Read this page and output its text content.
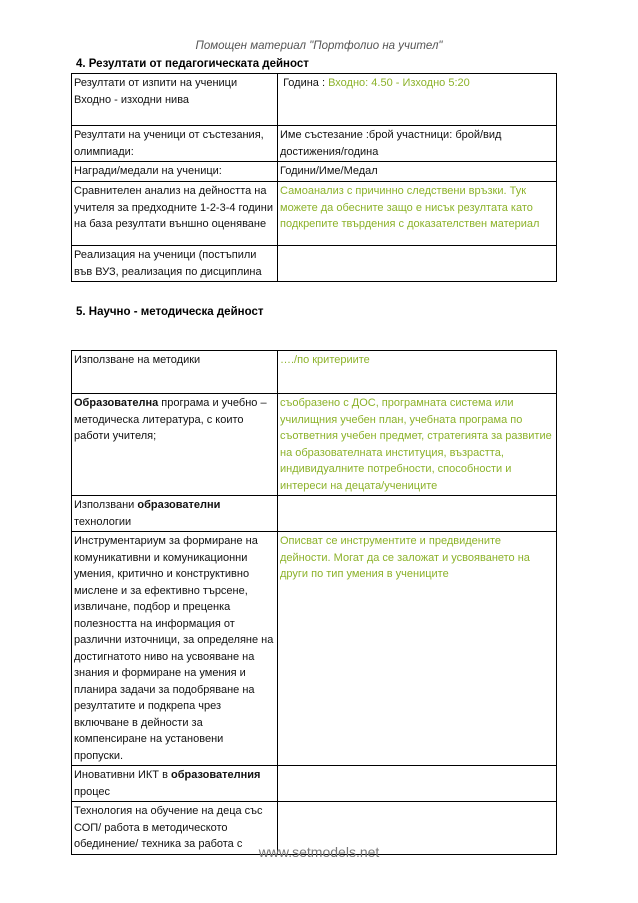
Помощен материал "Портфолио на учител"
4. Резултати от педагогическата дейност
Резултати от изпити на ученици Входно - изходни нива	Година : Входно: 4.50 - Изходно 5:20
Резултати на ученици от състезания, олимпиади:	Име състезание :брой участници: брой/вид достижения/година
Награди/медали на ученици:	Години/Име/Медал
Сравнителен анализ на дейността на учителя за предходните 1-2-3-4 години на база резултати външно оценяване	Самоанализ с причинно следствени връзки. Тук можете да обесните защо е нисък резултата като подкрепите твърдения с доказателствен материал
Реализация на ученици (постъпили във ВУЗ, реализация по дисциплина	
5. Научно - методическа дейност
Използване на методики	…./по критериите
Образователна програма и учебно – методическа литература, с които работи учителя;	съобразено с ДОС, програмната система или училищния учебен план, учебната програма по съответния учебен предмет, стратегията за развитие на образователната институция, възрастта, индивидуалните потребности, способности и интереси на децата/учениците
Използвани образователни технологии	
Инструментариум за формиране на комуникативни и комуникационни умения, критично и конструктивно мислене и за ефективно търсене, извличане, подбор и преценка полезността на информация от различни източници, за определяне на достигнатото ниво на усвояване на знания и формиране на умения и планира задачи за подобряване на резултатите и подкрепа чрез включване в дейности за компенсиране на установени пропуски.	Описват се инструментите и предвидените дейности. Могат да се заложат и усвояването на други по тип умения в учениците
Иновативни ИКТ в образователния процес	
Технология на обучение на деца със СОП/ работа в методическото обединение/ техника за работа с		www.setmodels.net
